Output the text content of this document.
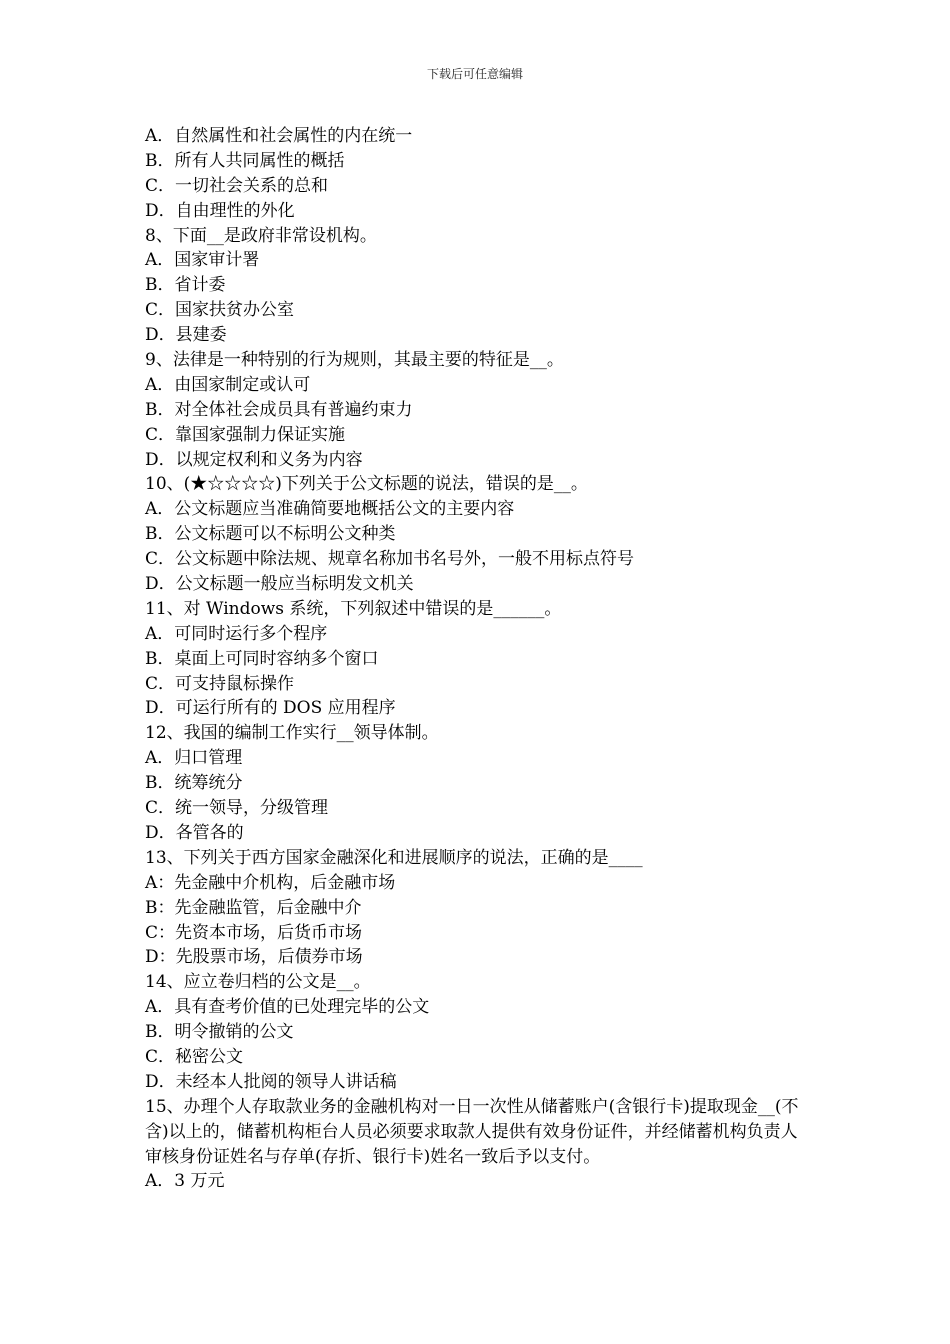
下载后可任意编辑
A．自然属性和社会属性的内在统一
B．所有人共同属性的概括
C．一切社会关系的总和
D．自由理性的外化
8、下面__是政府非常设机构。
A．国家审计署
B．省计委
C．国家扶贫办公室
D．县建委
9、法律是一种特别的行为规则，其最主要的特征是__。
A．由国家制定或认可
B．对全体社会成员具有普遍约束力
C．靠国家强制力保证实施
D．以规定权利和义务为内容
10、(★☆☆☆☆)下列关于公文标题的说法，错误的是__。
A．公文标题应当准确简要地概括公文的主要内容
B．公文标题可以不标明公文种类
C．公文标题中除法规、规章名称加书名号外，一般不用标点符号
D．公文标题一般应当标明发文机关
11、对 Windows 系统，下列叙述中错误的是______。
A．可同时运行多个程序
B．桌面上可同时容纳多个窗口
C．可支持鼠标操作
D．可运行所有的 DOS 应用程序
12、我国的编制工作实行__领导体制。
A．归口管理
B．统筹统分
C．统一领导，分级管理
D．各管各的
13、下列关于西方国家金融深化和进展顺序的说法，正确的是____
A：先金融中介机构，后金融市场
B：先金融监管，后金融中介
C：先资本市场，后货币市场
D：先股票市场，后债券市场
14、应立卷归档的公文是__。
A．具有查考价值的已处理完毕的公文
B．明令撤销的公文
C．秘密公文
D．未经本人批阅的领导人讲话稿
15、办理个人存取款业务的金融机构对一日一次性从储蓄账户(含银行卡)提取现金__(不含)以上的，储蓄机构柜台人员必须要求取款人提供有效身份证件，并经储蓄机构负责人审核身份证姓名与存单(存折、银行卡)姓名一致后予以支付。
A．3 万元
